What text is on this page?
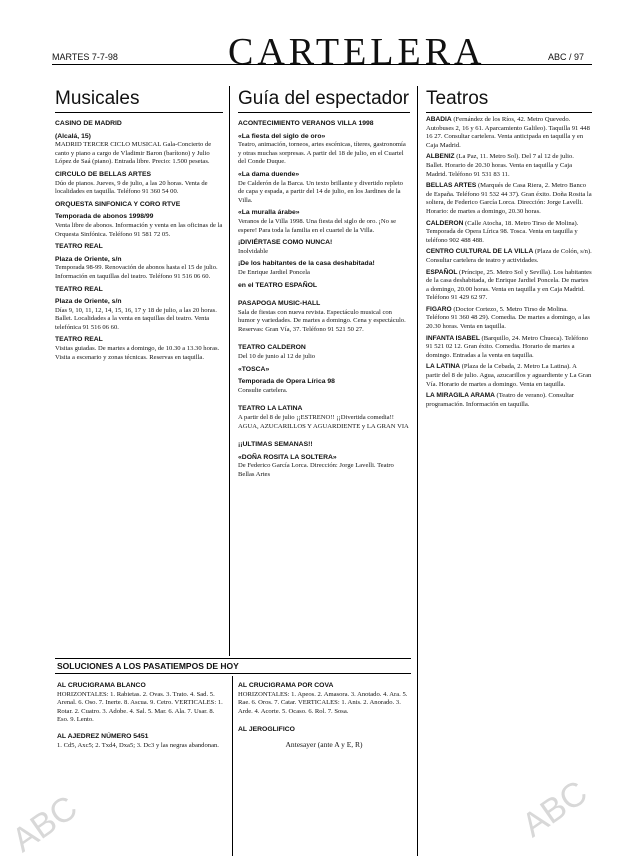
MARTES 7-7-98	CARTELERA	ABC / 97
Musicales
CASINO DE MADRID
(Alcalá, 15)

MADRID TERCER CICLO MUSICAL Gala-Concierto de canto y piano a cargo de Vladimir Baron (barítono) y Julio López de Saá (piano). Entrada libre. Precio: 1.500 pesetas.

CIRCULO DE BELLAS ARTES

Dúo de pianos. Jueves, 9 de julio, a las 20 horas. Venta de localidades en taquilla. Teléfono 91 360 54 00.

ORQUESTA SINFONICA Y CORO RTVE
Temporada de abonos 1998/99

Venta libre de abonos. Información y venta en las oficinas de la Orquesta Sinfónica. Teléfono 91 581 72 05.

TEATRO REAL
Plaza de Oriente, s/n

Temporada 98-99. Renovación de abonos hasta el 15 de julio. Información en taquillas del teatro. Teléfono 91 516 06 60.

TEATRO REAL
Plaza de Oriente, s/n

Días 9, 10, 11, 12, 14, 15, 16, 17 y 18 de julio, a las 20 horas. Ballet. Localidades a la venta en taquillas del teatro. Venta telefónica 91 516 06 60.

TEATRO REAL

Visitas guiadas. De martes a domingo, de 10.30 a 13.30 horas. Visita a escenario y zonas técnicas. Reservas en taquilla.

Guía del espectador
ACONTECIMIENTO VERANOS VILLA 1998
«La fiesta del siglo de oro»

Teatro, animación, torneos, artes escénicas, títeres, gastronomía y otras muchas sorpresas. A partir del 18 de julio, en el Cuartel del Conde Duque.

«La dama duende»

De Calderón de la Barca. Un texto brillante y divertido repleto de capa y espada, a partir del 14 de julio, en los Jardines de la Villa.

«La muralla árabe»

Veranos de la Villa 1998. Una fiesta del siglo de oro. ¡No se espere! Para toda la familia en el cuartel de la Villa.

¡DIVIÉRTASE COMO NUNCA!

Inolvidable

¡De los habitantes de la casa deshabitada!

De Enrique Jardiel Poncela

en el TEATRO ESPAÑOL
PASAPOGA MUSIC-HALL

Sala de fiestas con nueva revista. Espectáculo musical con humor y variedades. De martes a domingo. Cena y espectáculo. Reservas: Gran Vía, 37. Teléfono 91 521 50 27.

TEATRO CALDERON

Del 10 de junio al 12 de julio

«TOSCA»
Temporada de Opera Lírica 98

Consulte cartelera.

TEATRO LA LATINA

A partir del 8 de julio ¡¡ESTRENO!! ¡¡Divertida comedia!! AGUA, AZUCARILLOS Y AGUARDIENTE y LA GRAN VIA

¡¡ULTIMAS SEMANAS!!
«DOÑA ROSITA LA SOLTERA»

De Federico García Lorca. Dirección: Jorge Lavelli. Teatro Bellas Artes

Teatros

ABADIA (Fernández de los Ríos, 42. Metro Quevedo. Autobuses 2, 16 y 61. Aparcamiento Galileo). Taquilla 91 448 16 27. Consultar cartelera. Venta anticipada en taquilla y en Caja Madrid.

ALBENIZ (La Paz, 11. Metro Sol). Del 7 al 12 de julio. Ballet. Horario de 20.30 horas. Venta en taquilla y Caja Madrid. Teléfono 91 531 83 11.

BELLAS ARTES (Marqués de Casa Riera, 2. Metro Banco de España. Teléfono 91 532 44 37). Gran éxito. Doña Rosita la soltera, de Federico García Lorca. Dirección: Jorge Lavelli. Horario: de martes a domingo, 20.30 horas.

CALDERON (Calle Atocha, 18. Metro Tirso de Molina). Temporada de Opera Lírica 98. Tosca. Venta en taquilla y teléfono 902 488 488.

CENTRO CULTURAL DE LA VILLA (Plaza de Colón, s/n). Consultar cartelera de teatro y actividades.

ESPAÑOL (Príncipe, 25. Metro Sol y Sevilla). Los habitantes de la casa deshabitada, de Enrique Jardiel Poncela. De martes a domingo, 20.00 horas. Venta en taquilla y en Caja Madrid. Teléfono 91 429 62 97.

FIGARO (Doctor Cortezo, 5. Metro Tirso de Molina. Teléfono 91 360 48 29). Comedia. De martes a domingo, a las 20.30 horas. Venta en taquilla.

INFANTA ISABEL (Barquillo, 24. Metro Chueca). Teléfono 91 521 02 12. Gran éxito. Comedia. Horario de martes a domingo. Entradas a la venta en taquilla.

LA LATINA (Plaza de la Cebada, 2. Metro La Latina). A partir del 8 de julio. Agua, azucarillos y aguardiente y La Gran Vía. Horario de martes a domingo. Venta en taquilla.

LA MIRAGILA ARAMA (Teatro de verano). Consultar programación. Información en taquilla.

SOLUCIONES A LOS PASATIEMPOS DE HOY
AL CRUCIGRAMA BLANCO

HORIZONTALES: 1. Rabietas. 2. Ovas. 3. Trato. 4. Sad. 5. Arenal. 6. Oso. 7. Inerte. 8. Ascua. 9. Cetro. VERTICALES: 1. Rotar. 2. Cuatro. 3. Adobe. 4. Sal. 5. Mar. 6. Ala. 7. Usar. 8. Eso. 9. Lento.

AL AJEDREZ NÚMERO 5451

1. Cd5, Axc5; 2. Txd4, Dxa5; 3. Dc3 y las negras abandonan.

AL CRUCIGRAMA POR COVA

HORIZONTALES: 1. Apeos. 2. Amasora. 3. Anotado. 4. Ara. 5. Rae. 6. Oros. 7. Catar. VERTICALES: 1. Anis. 2. Anorado. 3. Arde. 4. Acorte. 5. Ocaso. 6. Rol. 7. Sosa.

AL JEROGLIFICO

Antesayer (ante A y E, R)

ABC	ABC
